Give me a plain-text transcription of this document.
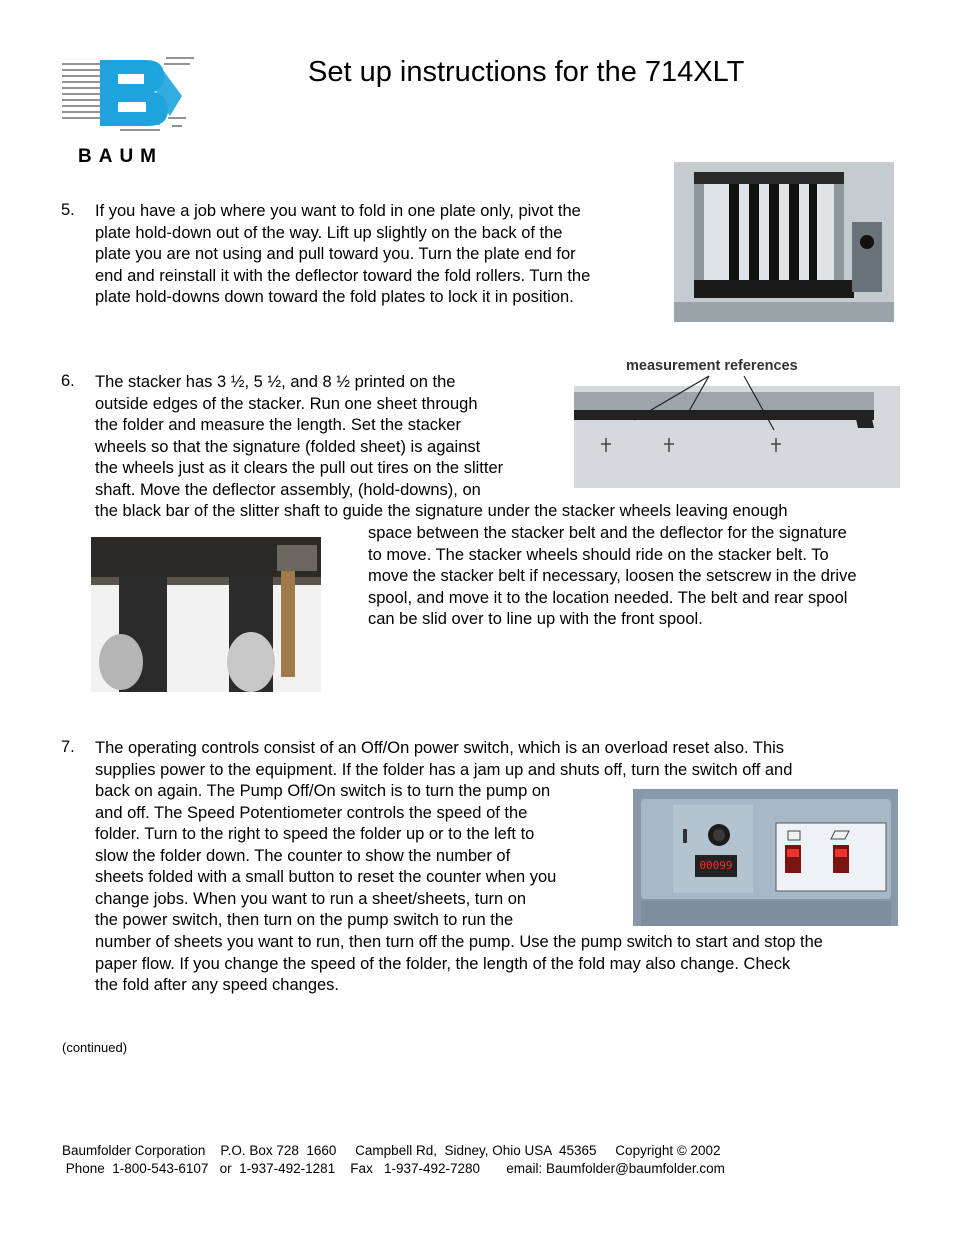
BAUM
Set up instructions for the 714XLT
5. If you have a job where you want to fold in one plate only, pivot the
plate hold-down out of the way. Lift up slightly on the back of the
plate you are not using and pull toward you. Turn the plate end for
end and reinstall it with the deflector toward the fold rollers. Turn the
plate hold-downs down toward the fold plates to lock it in position.
6. The stacker has 3 ½, 5 ½, and 8 ½ printed on the
outside edges of the stacker. Run one sheet through
the folder and measure the length. Set the stacker
wheels so that the signature (folded sheet) is against
the wheels just as it clears the pull out tires on the slitter
shaft. Move the deflector assembly, (hold-downs), on
the black bar of the slitter shaft to guide the signature under the stacker wheels leaving enough
space between the stacker belt and the deflector for the signature
to move. The stacker wheels should ride on the stacker belt. To
move the stacker belt if necessary, loosen the setscrew in the drive
spool, and move it to the location needed. The belt and rear spool
can be slid over to line up with the front spool.
measurement references
7. The operating controls consist of an Off/On power switch, which is an overload reset also. This
supplies power to the equipment. If the folder has a jam up and shuts off, turn the switch off and
back on again. The Pump Off/On switch is to turn the pump on
and off. The Speed Potentiometer controls the speed of the
folder. Turn to the right to speed the folder up or to the left to
slow the folder down. The counter to show the number of
sheets folded with a small button to reset the counter when you
change jobs. When you want to run a sheet/sheets, turn on
the power switch, then turn on the pump switch to run the
number of sheets you want to run, then turn off the pump. Use the pump switch to start and stop the
paper flow. If you change the speed of the folder, the length of the fold may also change. Check
the fold after any speed changes.
00099
(continued)
Baumfolder Corporation    P.O. Box 728  1660     Campbell Rd,  Sidney, Ohio USA  45365     Copyright © 2002
Phone  1-800-543-6107   or  1-937-492-1281    Fax   1-937-492-7280       email: Baumfolder@baumfolder.com
